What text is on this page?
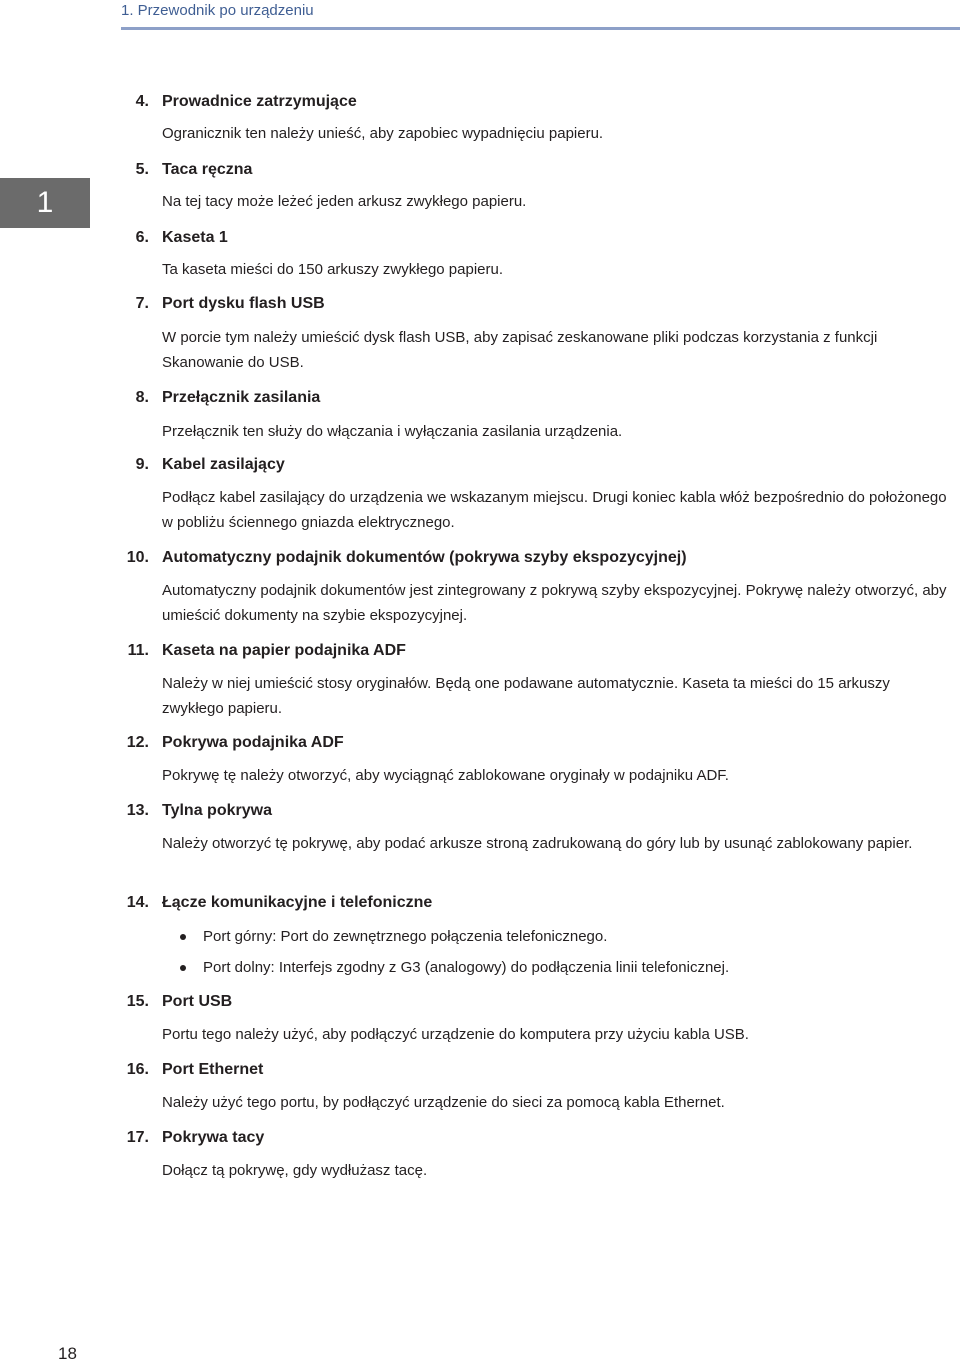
1. Przewodnik po urządzeniu
1
4. Prowadnice zatrzymujące
Ogranicznik ten należy unieść, aby zapobiec wypadnięciu papieru.
5. Taca ręczna
Na tej tacy może leżeć jeden arkusz zwykłego papieru.
6. Kaseta 1
Ta kaseta mieści do 150 arkuszy zwykłego papieru.
7. Port dysku flash USB
W porcie tym należy umieścić dysk flash USB, aby zapisać zeskanowane pliki podczas korzystania z funkcji Skanowanie do USB.
8. Przełącznik zasilania
Przełącznik ten służy do włączania i wyłączania zasilania urządzenia.
9. Kabel zasilający
Podłącz kabel zasilający do urządzenia we wskazanym miejscu. Drugi koniec kabla włóż bezpośrednio do położonego w pobliżu ściennego gniazda elektrycznego.
10. Automatyczny podajnik dokumentów (pokrywa szyby ekspozycyjnej)
Automatyczny podajnik dokumentów jest zintegrowany z pokrywą szyby ekspozycyjnej. Pokrywę należy otworzyć, aby umieścić dokumenty na szybie ekspozycyjnej.
11. Kaseta na papier podajnika ADF
Należy w niej umieścić stosy oryginałów. Będą one podawane automatycznie. Kaseta ta mieści do 15 arkuszy zwykłego papieru.
12. Pokrywa podajnika ADF
Pokrywę tę należy otworzyć, aby wyciągnąć zablokowane oryginały w podajniku ADF.
13. Tylna pokrywa
Należy otworzyć tę pokrywę, aby podać arkusze stroną zadrukowaną do góry lub by usunąć zablokowany papier.
14. Łącze komunikacyjne i telefoniczne
Port górny: Port do zewnętrznego połączenia telefonicznego.
Port dolny: Interfejs zgodny z G3 (analogowy) do podłączenia linii telefonicznej.
15. Port USB
Portu tego należy użyć, aby podłączyć urządzenie do komputera przy użyciu kabla USB.
16. Port Ethernet
Należy użyć tego portu, by podłączyć urządzenie do sieci za pomocą kabla Ethernet.
17. Pokrywa tacy
Dołącz tą pokrywę, gdy wydłużasz tacę.
18
